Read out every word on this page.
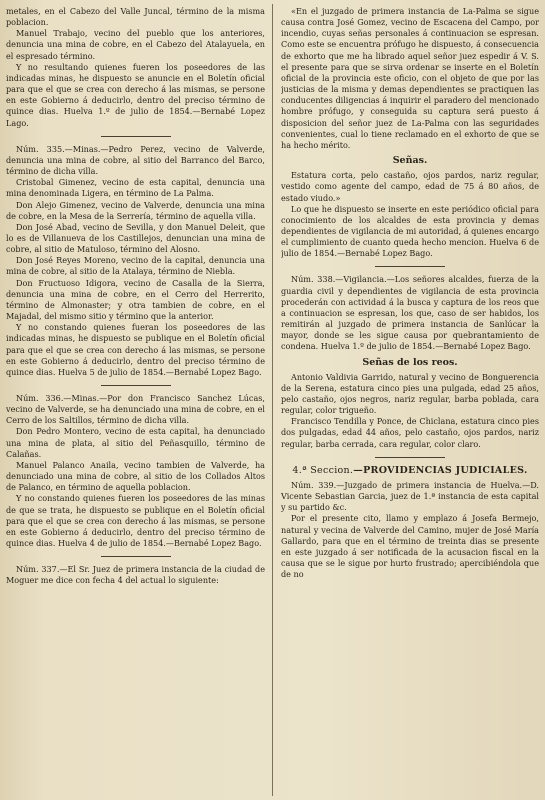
metales, en el Cabezo del Valle Juncal, término de la misma poblacion.

Manuel Trabajo, vecino del pueblo que los anteriores, denuncia una mina de cobre, en el Cabezo del Atalayuela, en el espresado término.

Y no resultando quienes fueren los poseedores de las indicadas minas, he dispuesto se anuncie en el Boletín oficial para que el que se crea con derecho á las mismas, se persone en este Gobierno á deducirlo, dentro del preciso término de quince dias. Huelva 1.º de julio de 1854.—Bernabé Lopez Lago.

Núm. 335.—Minas.—Pedro Perez, vecino de Valverde, denuncia una mina de cobre, al sitio del Barranco del Barco, término de dicha villa.

Cristobal Gimenez, vecino de esta capital, denuncia una mina denominada Ligera, en término de La Palma.

Don Alejo Gimenez, vecino de Valverde, denuncia una mina de cobre, en la Mesa de la Serrería, término de aquella villa.

Don José Abad, vecino de Sevilla, y don Manuel Deleit, que lo es de Villanueva de los Castillejos, denuncian una mina de cobre, al sitio de Matuloso, término del Alosno.

Don José Reyes Moreno, vecino de la capital, denuncia una mina de cobre, al sitio de la Atalaya, término de Niebla.

Don Fructuoso Idigora, vecino de Casalla de la Sierra, denuncia una mina de cobre, en el Cerro del Herrerito, término de Almonaster; y otra tambien de cobre, en el Majadal, del mismo sitio y término que la anterior.

Y no constando quienes fueran los poseedores de las indicadas minas, he dispuesto se publique en el Boletín oficial para que el que se crea con derecho á las mismas, se persone en este Gobierno á deducirlo, dentro del preciso término de quince dias. Huelva 5 de julio de 1854.—Bernabé Lopez Bago.

Núm. 336.—Minas.—Por don Francisco Sanchez Lúcas, vecino de Valverde, se ha denunciado una mina de cobre, en el Cerro de los Saltillos, término de dicha villa.

Don Pedro Montero, vecino de esta capital, ha denunciado una mina de plata, al sitio del Peñasquillo, término de Calañas.

Manuel Palanco Anaila, vecino tambien de Valverde, ha denunciado una mina de cobre, al sitio de los Collados Altos de Palanco, en término de aquella poblacion.

Y no constando quienes fueren los poseedores de las minas de que se trata, he dispuesto se publique en el Boletín oficial para que el que se crea con derecho á las mismas, se persone en este Gobierno á deducirlo, dentro del preciso término de quince dias. Huelva 4 de julio de 1854.—Bernabé Lopez Bago.

Núm. 337.—El Sr. Juez de primera instancia de la ciudad de Moguer me dice con fecha 4 del actual lo siguiente:

«En el juzgado de primera instancia de La-Palma se sigue causa contra José Gomez, vecino de Escacena del Campo, por incendio, cuyas señas personales á continuacion se espresan. Como este se encuentra prófugo he dispuesto, á consecuencia de exhorto que me ha librado aquel señor juez espedir á V. S. el presente para que se sirva ordenar se inserte en el Boletín oficial de la provincia este oficio, con el objeto de que por las justicias de la misma y demas dependientes se practiquen las conducentes diligencias á inquirir el paradero del mencionado hombre prófugo, y conseguida su captura será puesto á disposicion del señor juez de La-Palma con las seguridades convenientes, cual lo tiene reclamado en el exhorto de que se ha hecho mérito.

Señas.

Estatura corta, pelo castaño, ojos pardos, nariz regular, vestido como agente del campo, edad de 75 á 80 años, de estado viudo.»

Lo que he dispuesto se inserte en este periódico oficial para conocimiento de los alcaldes de esta provincia y demas dependientes de vigilancia de mi autoridad, á quienes encargo el cumplimiento de cuanto queda hecho mencion. Huelva 6 de julio de 1854.—Bernabé Lopez Bago.

Núm. 338.—Vigilancia.—Los señores alcaldes, fuerza de la guardia civil y dependientes de vigilancia de esta provincia procederán con actividad á la busca y captura de los reos que a continuacion se espresan, los que, caso de ser habidos, los remitirán al juzgado de primera instancia de Sanlúcar la mayor, donde se les sigue causa por quebrantamiento de condena. Huelva 1.º de julio de 1854.—Bernabé Lopez Bago.

Señas de los reos.

Antonio Valdivia Garrido, natural y vecino de Bonguerencia de la Serena, estatura cinco pies una pulgada, edad 25 años, pelo castaño, ojos negros, nariz regular, barba poblada, cara regular, color trigueño.

Francisco Tendilla y Ponce, de Chiclana, estatura cinco pies dos pulgadas, edad 44 años, pelo castaño, ojos pardos, nariz regular, barba cerrada, cara regular, color claro.

4.ª Seccion.—PROVIDENCIAS JUDICIALES.

Núm. 339.—Juzgado de primera instancia de Huelva.—D. Vicente Sebastian Garcia, juez de 1.ª instancia de esta capital y su partido &c.

Por el presente cito, llamo y emplazo á Josefa Bermejo, natural y vecina de Valverde del Camino, mujer de José María Gallardo, para que en el término de treinta dias se presente en este juzgado á ser notificada de la acusacion fiscal en la causa que se le sigue por hurto frustrado; apercibiéndola que de no
